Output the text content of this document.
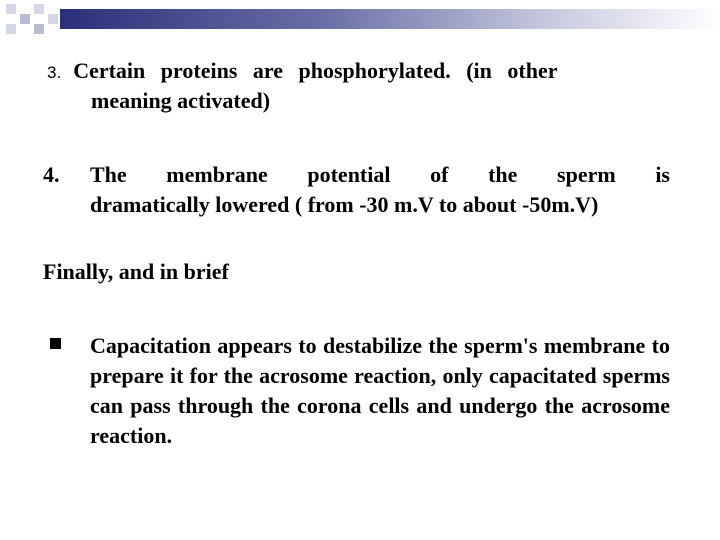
3. Certain proteins are phosphorylated. (in other
meaning activated)
4.	The membrane potential of the sperm is
dramatically lowered ( from -30 m.V to about -50m.V)
Finally, and in brief
Capacitation appears to destabilize the sperm's membrane to prepare it for the acrosome reaction, only capacitated sperms can pass through the corona cells and undergo the acrosome reaction.
